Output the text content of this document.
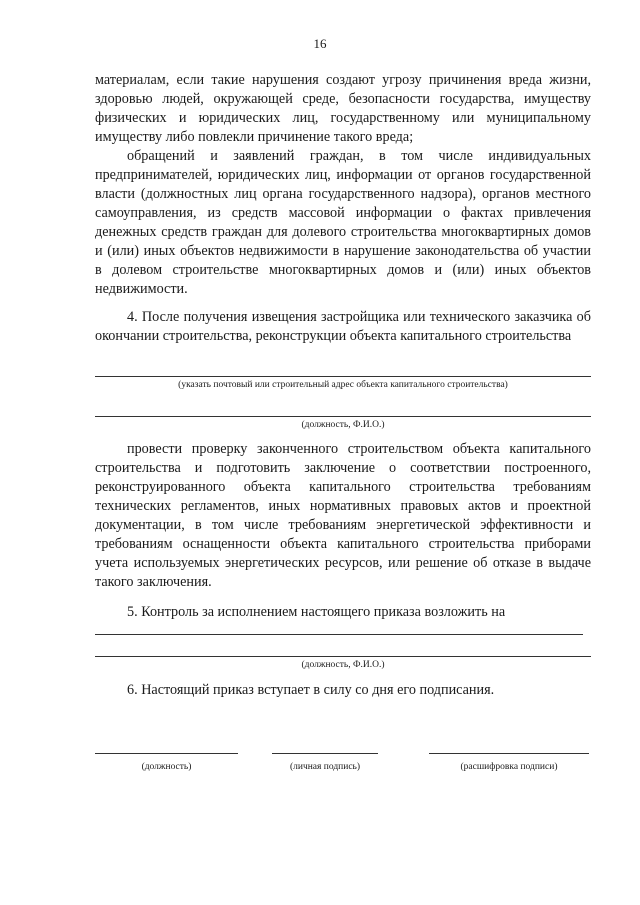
16

материалам, если такие нарушения создают угрозу причинения вреда жизни, здоровью людей, окружающей среде, безопасности государства, имуществу физических и юридических лиц, государственному или муниципальному имуществу либо повлекли причинение такого вреда;

обращений и заявлений граждан, в том числе индивидуальных предпринимателей, юридических лиц, информации от органов государственной власти (должностных лиц органа государственного надзора), органов местного самоуправления, из средств массовой информации о фактах привлечения денежных средств граждан для долевого строительства многоквартирных домов и (или) иных объектов недвижимости в нарушение законодательства об участии в долевом строительстве многоквартирных домов и (или) иных объектов недвижимости.

4. После получения извещения застройщика или технического заказчика об окончании строительства, реконструкции объекта капитального строительства

(указать почтовый или строительный адрес объекта капитального строительства)
(должность, Ф.И.О.)

провести проверку законченного строительством объекта капитального строительства и подготовить заключение о соответствии построенного, реконструированного объекта капитального строительства требованиям технических регламентов, иных нормативных правовых актов и проектной документации, в том числе требованиям энергетической эффективности и требованиям оснащенности объекта капитального строительства приборами учета используемых энергетических ресурсов, или решение об отказе в выдаче такого заключения.

5. Контроль за исполнением настоящего приказа возложить на

(должность, Ф.И.О.)

6. Настоящий приказ вступает в силу со дня его подписания.

(должность)	(личная подпись)	(расшифровка подписи)
